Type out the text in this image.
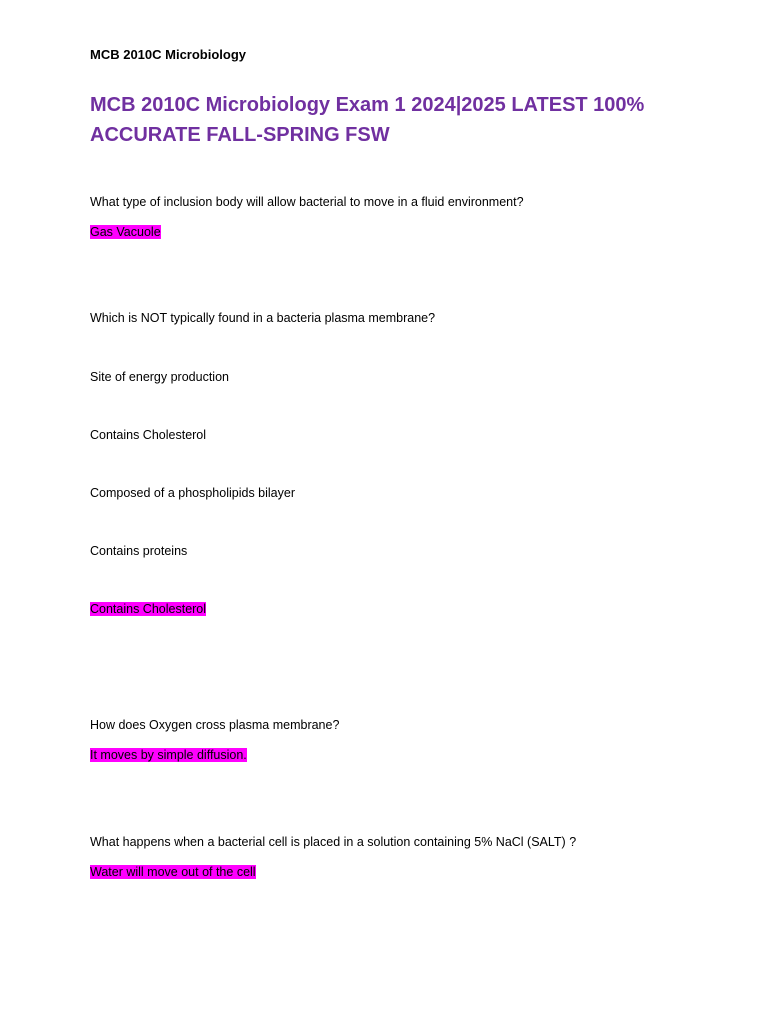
MCB 2010C Microbiology
MCB 2010C Microbiology Exam 1 2024|2025 LATEST 100% ACCURATE FALL-SPRING FSW
What type of inclusion body will allow bacterial to move in a fluid environment?
Gas Vacuole
Which is NOT typically found in a bacteria plasma membrane?
Site of energy production
Contains Cholesterol
Composed of a phospholipids bilayer
Contains proteins
Contains Cholesterol
How does Oxygen cross plasma membrane?
It moves by simple diffusion.
What happens when a bacterial cell is placed in a solution containing 5% NaCl (SALT) ?
Water will move out of the cell
